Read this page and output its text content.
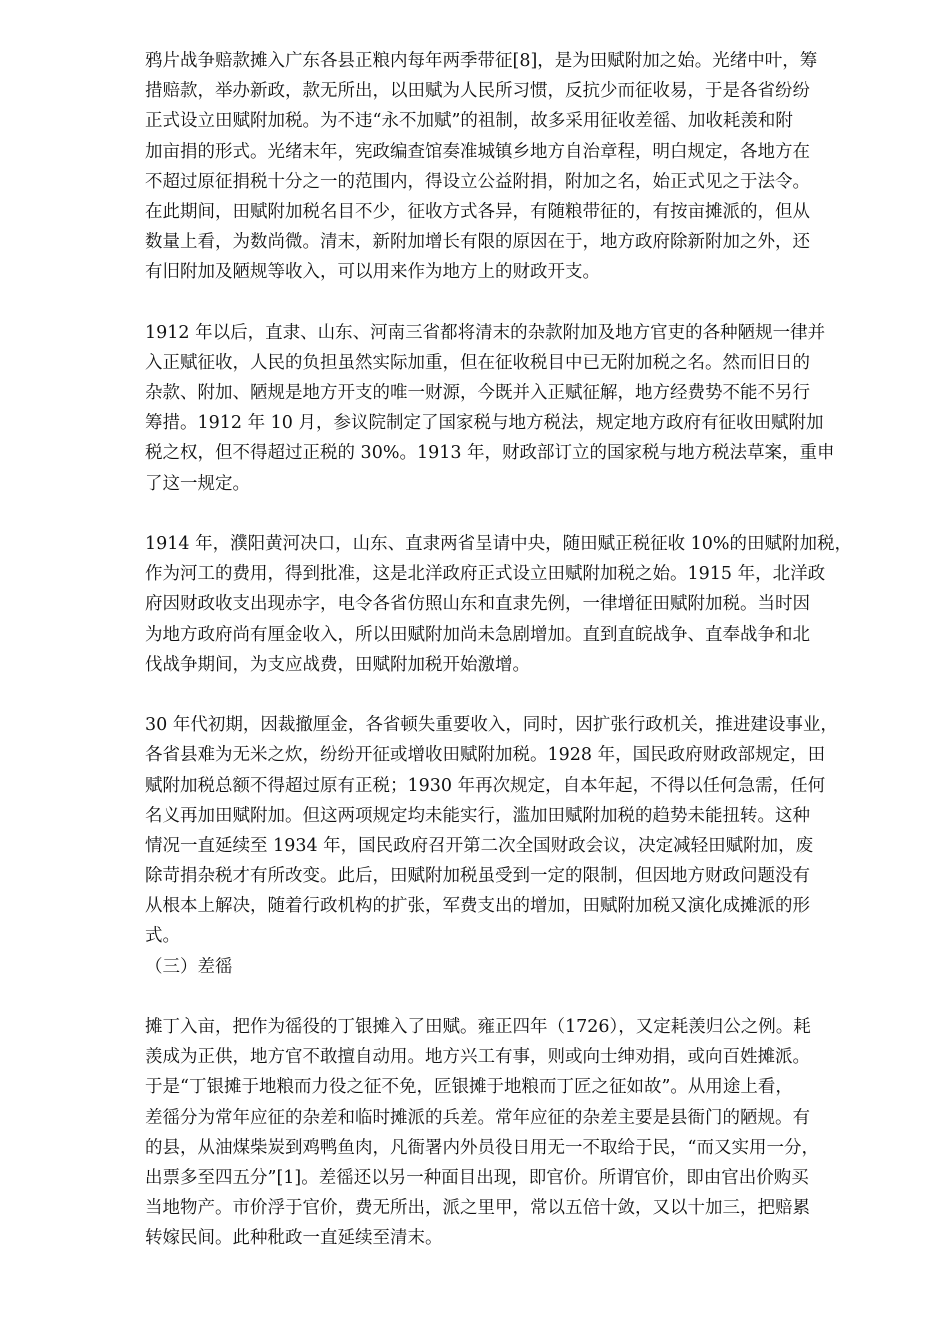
鸦片战争赔款摊入广东各县正粮内每年两季带征[8]，是为田赋附加之始。光绪中叶，筹
措赔款，举办新政，款无所出，以田赋为人民所习惯，反抗少而征收易，于是各省纷纷
正式设立田赋附加税。为不违“永不加赋”的祖制，故多采用征收差徭、加收耗羡和附
加亩捐的形式。光绪末年，宪政编查馆奏准城镇乡地方自治章程，明白规定，各地方在
不超过原征捐税十分之一的范围内，得设立公益附捐，附加之名，始正式见之于法令。
在此期间，田赋附加税名目不少，征收方式各异，有随粮带征的，有按亩摊派的，但从
数量上看，为数尚微。清末，新附加增长有限的原因在于，地方政府除新附加之外，还
有旧附加及陋规等收入，可以用来作为地方上的财政开支。
1912 年以后，直隶、山东、河南三省都将清末的杂款附加及地方官吏的各种陋规一律并
入正赋征收，人民的负担虽然实际加重，但在征收税目中已无附加税之名。然而旧日的
杂款、附加、陋规是地方开支的唯一财源，今既并入正赋征解，地方经费势不能不另行
筹措。1912 年 10 月，参议院制定了国家税与地方税法，规定地方政府有征收田赋附加
税之权，但不得超过正税的 30%。1913 年，财政部订立的国家税与地方税法草案，重申
了这一规定。
1914 年，濮阳黄河决口，山东、直隶两省呈请中央，随田赋正税征收 10%的田赋附加税，
作为河工的费用，得到批准，这是北洋政府正式设立田赋附加税之始。1915 年，北洋政
府因财政收支出现赤字，电令各省仿照山东和直隶先例，一律增征田赋附加税。当时因
为地方政府尚有厘金收入，所以田赋附加尚未急剧增加。直到直皖战争、直奉战争和北
伐战争期间，为支应战费，田赋附加税开始激增。
30 年代初期，因裁撤厘金，各省顿失重要收入，同时，因扩张行政机关，推进建设事业，
各省县难为无米之炊，纷纷开征或增收田赋附加税。1928 年，国民政府财政部规定，田
赋附加税总额不得超过原有正税；1930 年再次规定，自本年起，不得以任何急需，任何
名义再加田赋附加。但这两项规定均未能实行，滥加田赋附加税的趋势未能扭转。这种
情况一直延续至 1934 年，国民政府召开第二次全国财政会议，决定减轻田赋附加，废
除苛捐杂税才有所改变。此后，田赋附加税虽受到一定的限制，但因地方财政问题没有
从根本上解决，随着行政机构的扩张，军费支出的增加，田赋附加税又演化成摊派的形
式。
（三）差徭
摊丁入亩，把作为徭役的丁银摊入了田赋。雍正四年（1726），又定耗羡归公之例。耗
羡成为正供，地方官不敢擅自动用。地方兴工有事，则或向士绅劝捐，或向百姓摊派。
于是“丁银摊于地粮而力役之征不免，匠银摊于地粮而丁匠之征如故”。从用途上看，
差徭分为常年应征的杂差和临时摊派的兵差。常年应征的杂差主要是县衙门的陋规。有
的县，从油煤柴炭到鸡鸭鱼肉，凡衙署内外员役日用无一不取给于民，“而又实用一分，
出票多至四五分”[1]。差徭还以另一种面目出现，即官价。所谓官价，即由官出价购买
当地物产。市价浮于官价，费无所出，派之里甲，常以五倍十敛，又以十加三，把赔累
转嫁民间。此种秕政一直延续至清末。
